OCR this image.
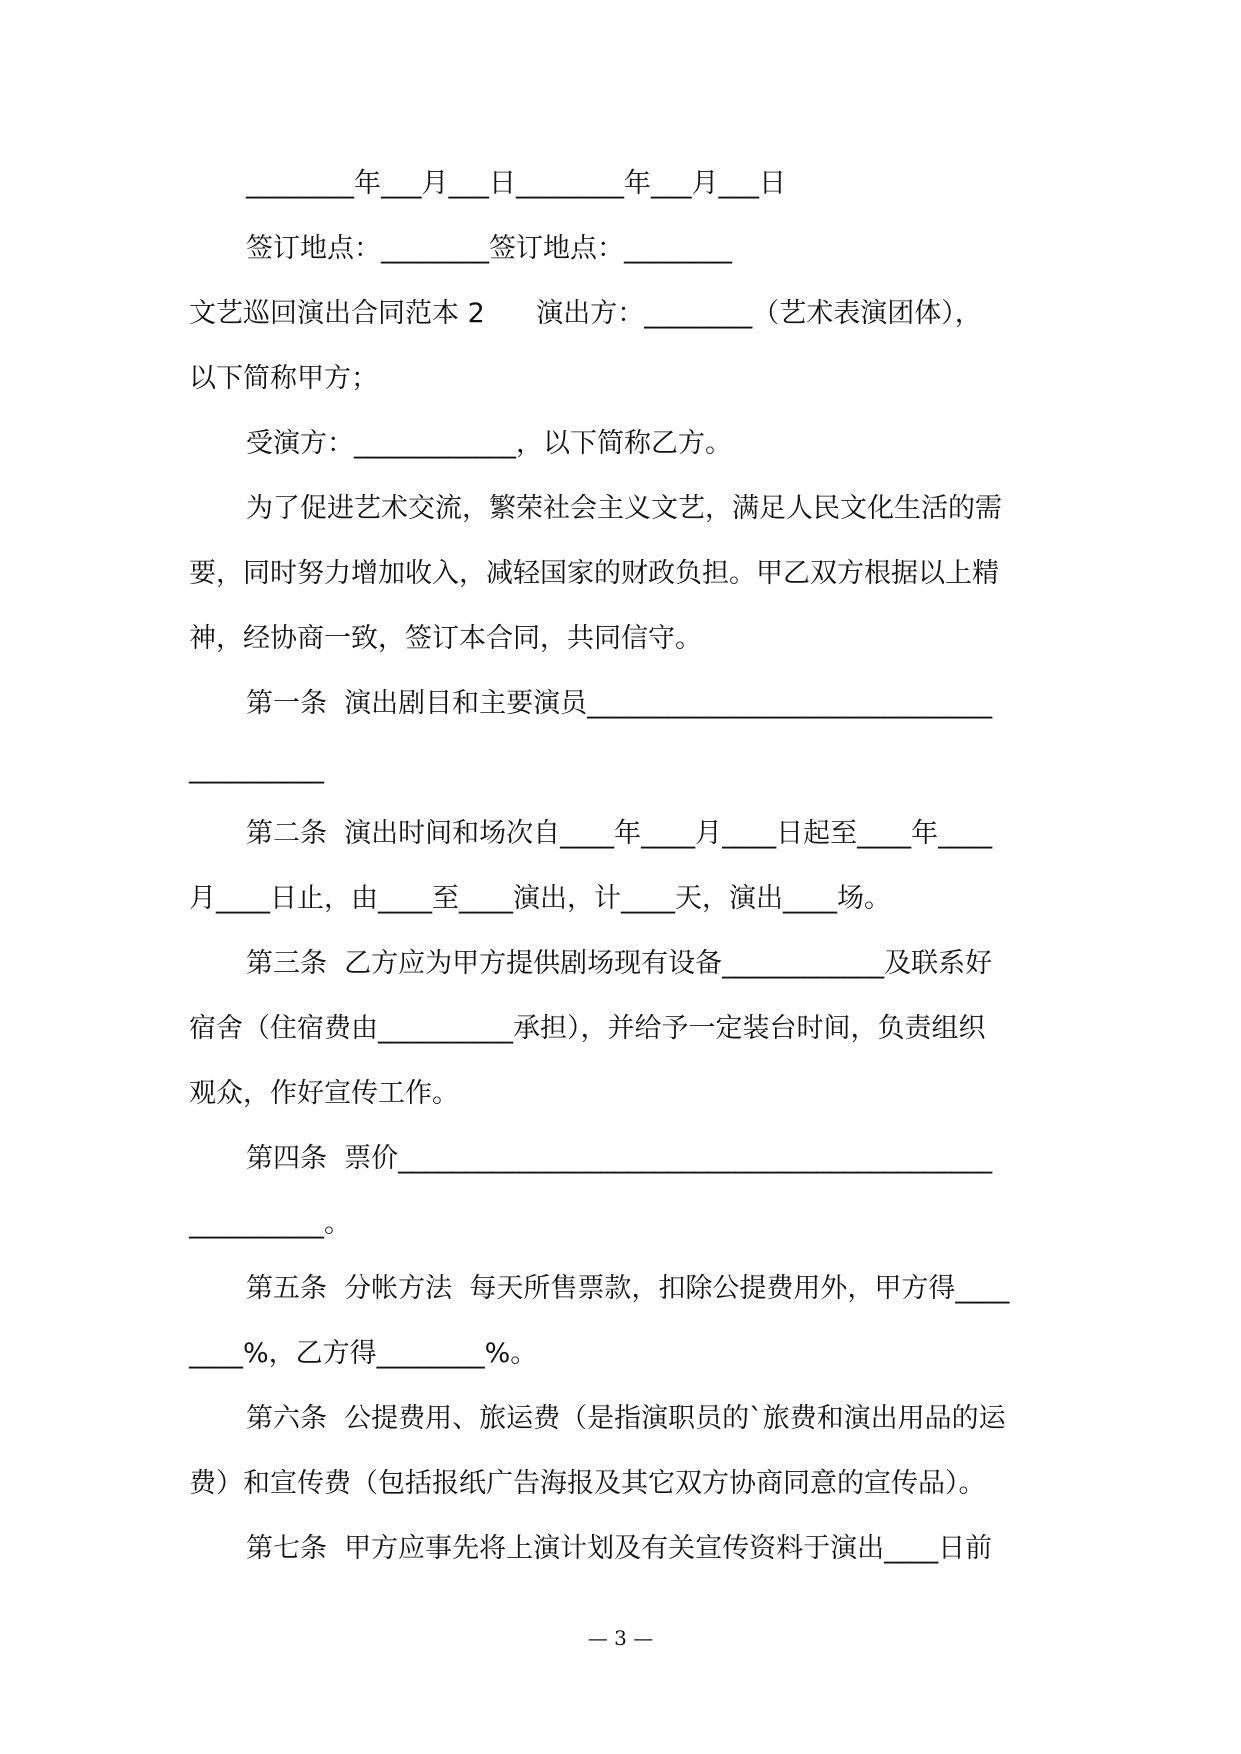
________年___月___日________年___月___日
签订地点：________签订地点：________
文艺巡回演出合同范本 2      演出方：________（艺术表演团体），
以下简称甲方；
受演方：____________，以下简称乙方。
为了促进艺术交流，繁荣社会主义文艺，满足人民文化生活的需
要，同时努力增加收入，减轻国家的财政负担。甲乙双方根据以上精
神，经协商一致，签订本合同，共同信守。
第一条  演出剧目和主要演员______________________________
__________
第二条  演出时间和场次自____年____月____日起至____年____
月____日止，由____至____演出，计____天，演出____场。
第三条  乙方应为甲方提供剧场现有设备____________及联系好
宿舍（住宿费由__________承担），并给予一定装台时间，负责组织
观众，作好宣传工作。
第四条  票价____________________________________________
__________。
第五条  分帐方法  每天所售票款，扣除公提费用外，甲方得____
____%，乙方得________%。
第六条  公提费用、旅运费（是指演职员的`旅费和演出用品的运
费）和宣传费（包括报纸广告海报及其它双方协商同意的宣传品）。
第七条  甲方应事先将上演计划及有关宣传资料于演出____日前
— 3 —
